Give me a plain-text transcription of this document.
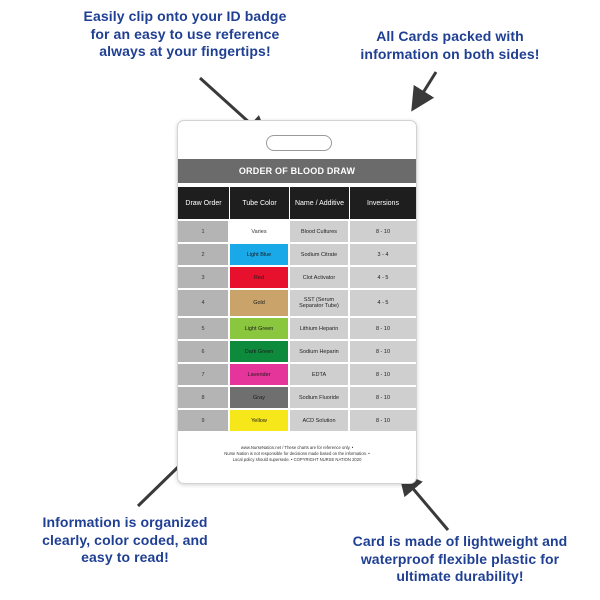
Easily clip onto your ID badge
for an easy to use reference
always at your fingertips!
All Cards packed with
information on both sides!
Information is organized
clearly, color coded, and
easy to read!
Card is made of lightweight and
waterproof flexible plastic for
ultimate durability!
ORDER OF BLOOD DRAW
Draw Order	Tube Color	Name / Additive	Inversions
1	Varies	Blood Cultures	8 - 10
2	Light Blue	Sodium Citrate	3 - 4
3	Red	Clot Activator	4 - 5
4	Gold	SST (Serum Separator Tube)	4 - 5
5	Light Green	Lithium Heparin	8 - 10
6	Dark Green	Sodium Heparin	8 - 10
7	Lavender	EDTA	8 - 10
8	Gray	Sodium Fluoride	8 - 10
9	Yellow	ACD Solution	8 - 10
www.NurseNation.net / These charts are for reference only. •
Nurse Nation is not responsible for decisions made based on the information. •
Local policy should supersede. • COPYRIGHT NURSE NATION 2020
